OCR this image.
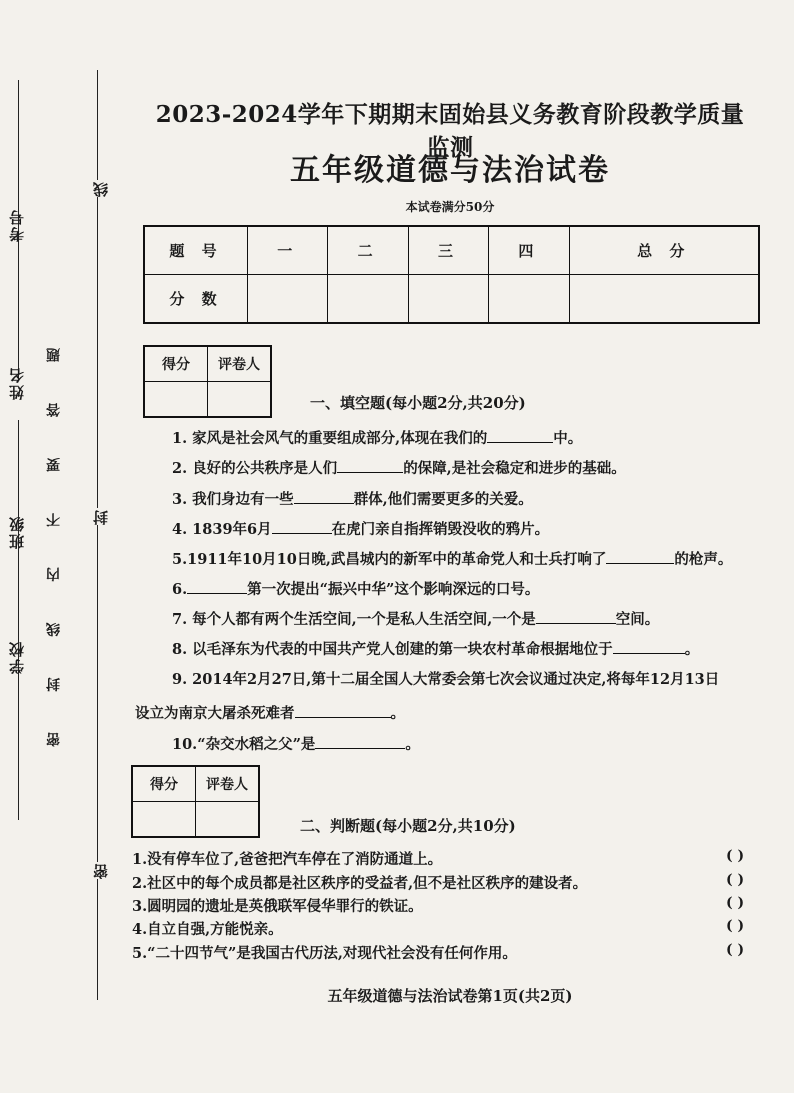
考号
姓名
班级
学校
线
封
密
密 封 线 内 不 要 答 题
2023-2024学年下期期末固始县义务教育阶段教学质量监测
五年级道德与法治试卷
本试卷满分50分
题 号	一	二	三	四	总 分
分 数					
得分	评卷人

一、填空题(每小题2分,共20分)
1. 家风是社会风气的重要组成部分,体现在我们的	中。
2. 良好的公共秩序是人们	的保障,是社会稳定和进步的基础。
3. 我们身边有一些	群体,他们需要更多的关爱。
4. 1839年6月	在虎门亲自指挥销毁没收的鸦片。
5.1911年10月10日晚,武昌城内的新军中的革命党人和士兵打响了	的枪声。
6.	第一次提出“振兴中华”这个影响深远的口号。
7. 每个人都有两个生活空间,一个是私人生活空间,一个是	空间。
8. 以毛泽东为代表的中国共产党人创建的第一块农村革命根据地位于	。
9. 2014年2月27日,第十二届全国人大常委会第七次会议通过决定,将每年12月13日
设立为南京大屠杀死难者	。
10.“杂交水稻之父”是	。
得分	评卷人

二、判断题(每小题2分,共10分)
1.没有停车位了,爸爸把汽车停在了消防通道上。	( )
2.社区中的每个成员都是社区秩序的受益者,但不是社区秩序的建设者。	( )
3.圆明园的遗址是英俄联军侵华罪行的铁证。	( )
4.自立自强,方能悦亲。	( )
5.“二十四节气”是我国古代历法,对现代社会没有任何作用。	( )
五年级道德与法治试卷第1页(共2页)
